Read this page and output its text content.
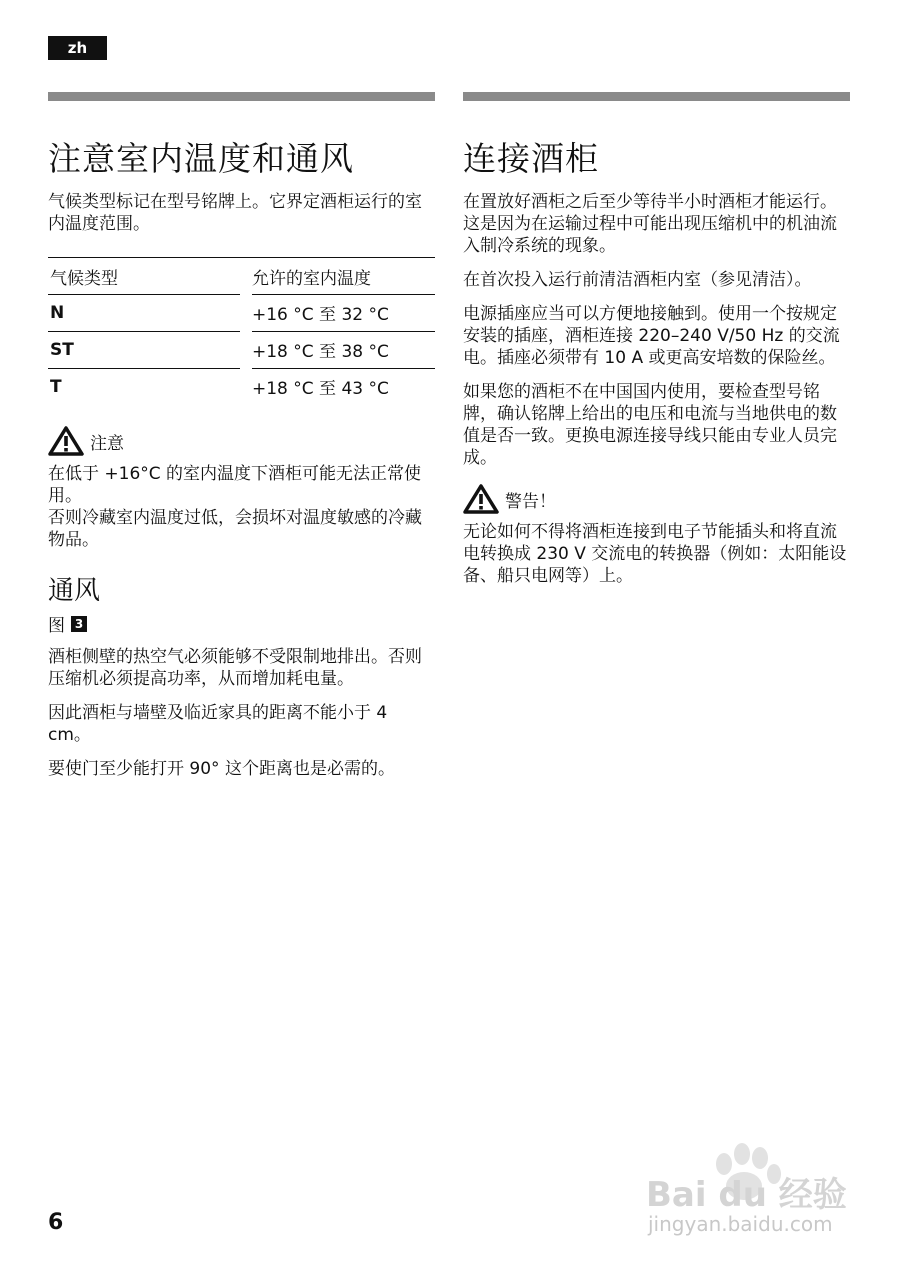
zh
注意室内温度和通风

气候类型标记在型号铭牌上。它界定酒柜运行的室内温度范围。

气候类型	允许的室内温度
N	+16 °C 至 32 °C
ST	+18 °C 至 38 °C
T	+18 °C 至 43 °C
注意

在低于 +16°C 的室内温度下酒柜可能无法正常使用。

否则冷藏室内温度过低，会损坏对温度敏感的冷藏物品。

通风
图 3

酒柜侧壁的热空气必须能够不受限制地排出。否则压缩机必须提高功率，从而增加耗电量。

因此酒柜与墙壁及临近家具的距离不能小于 4 cm。

要使门至少能打开 90° 这个距离也是必需的。

连接酒柜

在置放好酒柜之后至少等待半小时酒柜才能运行。这是因为在运输过程中可能出现压缩机中的机油流入制冷系统的现象。

在首次投入运行前清洁酒柜内室（参见清洁）。

电源插座应当可以方便地接触到。使用一个按规定安装的插座，酒柜连接 220–240 V/50 Hz 的交流电。插座必须带有 10 A 或更高安培数的保险丝。

如果您的酒柜不在中国国内使用，要检查型号铭牌，确认铭牌上给出的电压和电流与当地供电的数值是否一致。更换电源连接导线只能由专业人员完成。

警告！

无论如何不得将酒柜连接到电子节能插头和将直流电转换成 230 V 交流电的转换器（例如：太阳能设备、船只电网等）上。

6
Bai du 经验
jingyan.baidu.com
